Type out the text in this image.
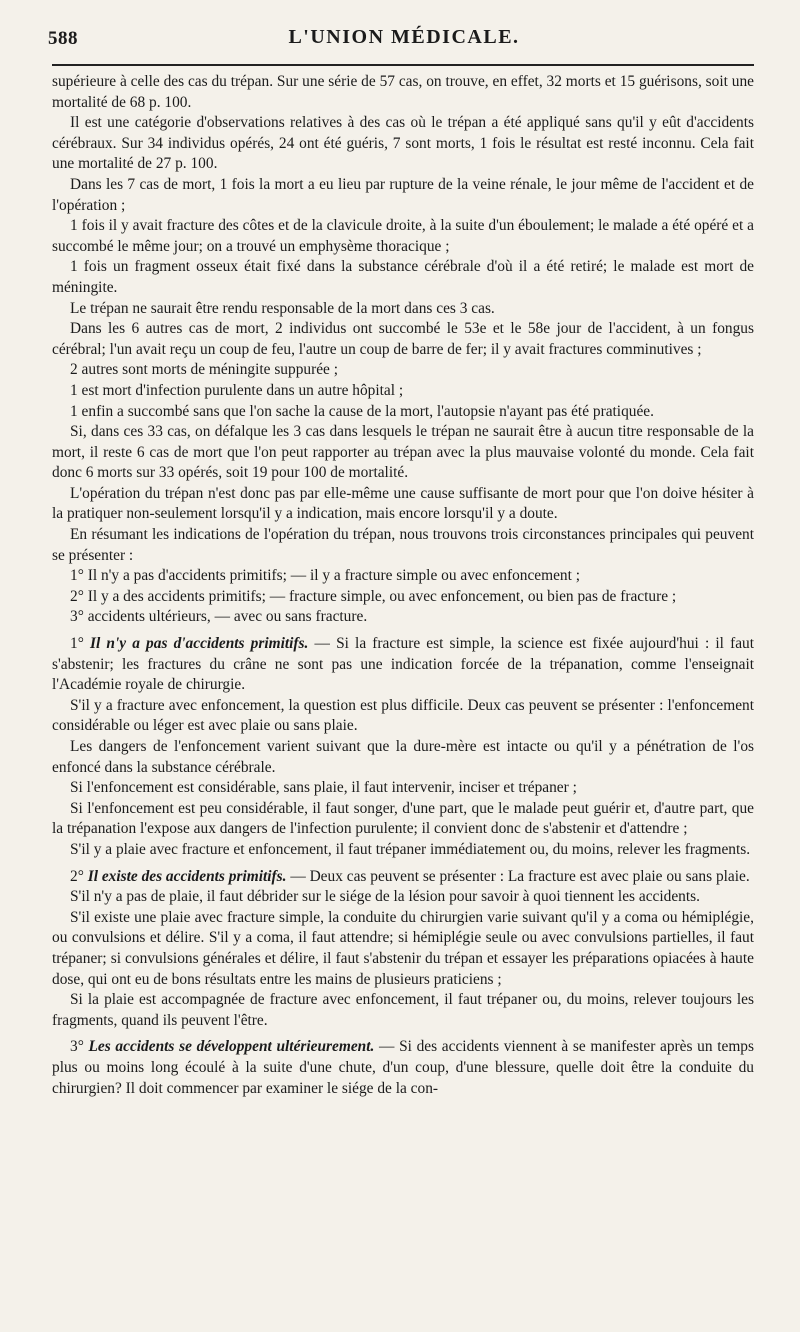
588	L'UNION MÉDICALE.

supérieure à celle des cas du trépan. Sur une série de 57 cas, on trouve, en effet, 32 morts et 15 guérisons, soit une mortalité de 68 p. 100.

Il est une catégorie d'observations relatives à des cas où le trépan a été appliqué sans qu'il y eût d'accidents cérébraux. Sur 34 individus opérés, 24 ont été guéris, 7 sont morts, 1 fois le résultat est resté inconnu. Cela fait une mortalité de 27 p. 100.

Dans les 7 cas de mort, 1 fois la mort a eu lieu par rupture de la veine rénale, le jour même de l'accident et de l'opération ;

1 fois il y avait fracture des côtes et de la clavicule droite, à la suite d'un éboulement; le malade a été opéré et a succombé le même jour; on a trouvé un emphysème thoracique ;

1 fois un fragment osseux était fixé dans la substance cérébrale d'où il a été retiré; le malade est mort de méningite.

Le trépan ne saurait être rendu responsable de la mort dans ces 3 cas.

Dans les 6 autres cas de mort, 2 individus ont succombé le 53e et le 58e jour de l'accident, à un fongus cérébral; l'un avait reçu un coup de feu, l'autre un coup de barre de fer; il y avait fractures comminutives ;

2 autres sont morts de méningite suppurée ;

1 est mort d'infection purulente dans un autre hôpital ;

1 enfin a succombé sans que l'on sache la cause de la mort, l'autopsie n'ayant pas été pratiquée.

Si, dans ces 33 cas, on défalque les 3 cas dans lesquels le trépan ne saurait être à aucun titre responsable de la mort, il reste 6 cas de mort que l'on peut rapporter au trépan avec la plus mauvaise volonté du monde. Cela fait donc 6 morts sur 33 opérés, soit 19 pour 100 de mortalité.

L'opération du trépan n'est donc pas par elle-même une cause suffisante de mort pour que l'on doive hésiter à la pratiquer non-seulement lorsqu'il y a indication, mais encore lorsqu'il y a doute.

En résumant les indications de l'opération du trépan, nous trouvons trois circonstances principales qui peuvent se présenter :

1° Il n'y a pas d'accidents primitifs; — il y a fracture simple ou avec enfoncement ;

2° Il y a des accidents primitifs; — fracture simple, ou avec enfoncement, ou bien pas de fracture ;

3° accidents ultérieurs, — avec ou sans fracture.

1° Il n'y a pas d'accidents primitifs. — Si la fracture est simple, la science est fixée aujourd'hui : il faut s'abstenir; les fractures du crâne ne sont pas une indication forcée de la trépanation, comme l'enseignait l'Académie royale de chirurgie.

S'il y a fracture avec enfoncement, la question est plus difficile. Deux cas peuvent se présenter : l'enfoncement considérable ou léger est avec plaie ou sans plaie.

Les dangers de l'enfoncement varient suivant que la dure-mère est intacte ou qu'il y a pénétration de l'os enfoncé dans la substance cérébrale.

Si l'enfoncement est considérable, sans plaie, il faut intervenir, inciser et trépaner ;

Si l'enfoncement est peu considérable, il faut songer, d'une part, que le malade peut guérir et, d'autre part, que la trépanation l'expose aux dangers de l'infection purulente; il convient donc de s'abstenir et d'attendre ;

S'il y a plaie avec fracture et enfoncement, il faut trépaner immédiatement ou, du moins, relever les fragments.

2° Il existe des accidents primitifs. — Deux cas peuvent se présenter : La fracture est avec plaie ou sans plaie.

S'il n'y a pas de plaie, il faut débrider sur le siége de la lésion pour savoir à quoi tiennent les accidents.

S'il existe une plaie avec fracture simple, la conduite du chirurgien varie suivant qu'il y a coma ou hémiplégie, ou convulsions et délire. S'il y a coma, il faut attendre; si hémiplégie seule ou avec convulsions partielles, il faut trépaner; si convulsions générales et délire, il faut s'abstenir du trépan et essayer les préparations opiacées à haute dose, qui ont eu de bons résultats entre les mains de plusieurs praticiens ;

Si la plaie est accompagnée de fracture avec enfoncement, il faut trépaner ou, du moins, relever toujours les fragments, quand ils peuvent l'être.

3° Les accidents se développent ultérieurement. — Si des accidents viennent à se manifester après un temps plus ou moins long écoulé à la suite d'une chute, d'un coup, d'une blessure, quelle doit être la conduite du chirurgien? Il doit commencer par examiner le siége de la con-
